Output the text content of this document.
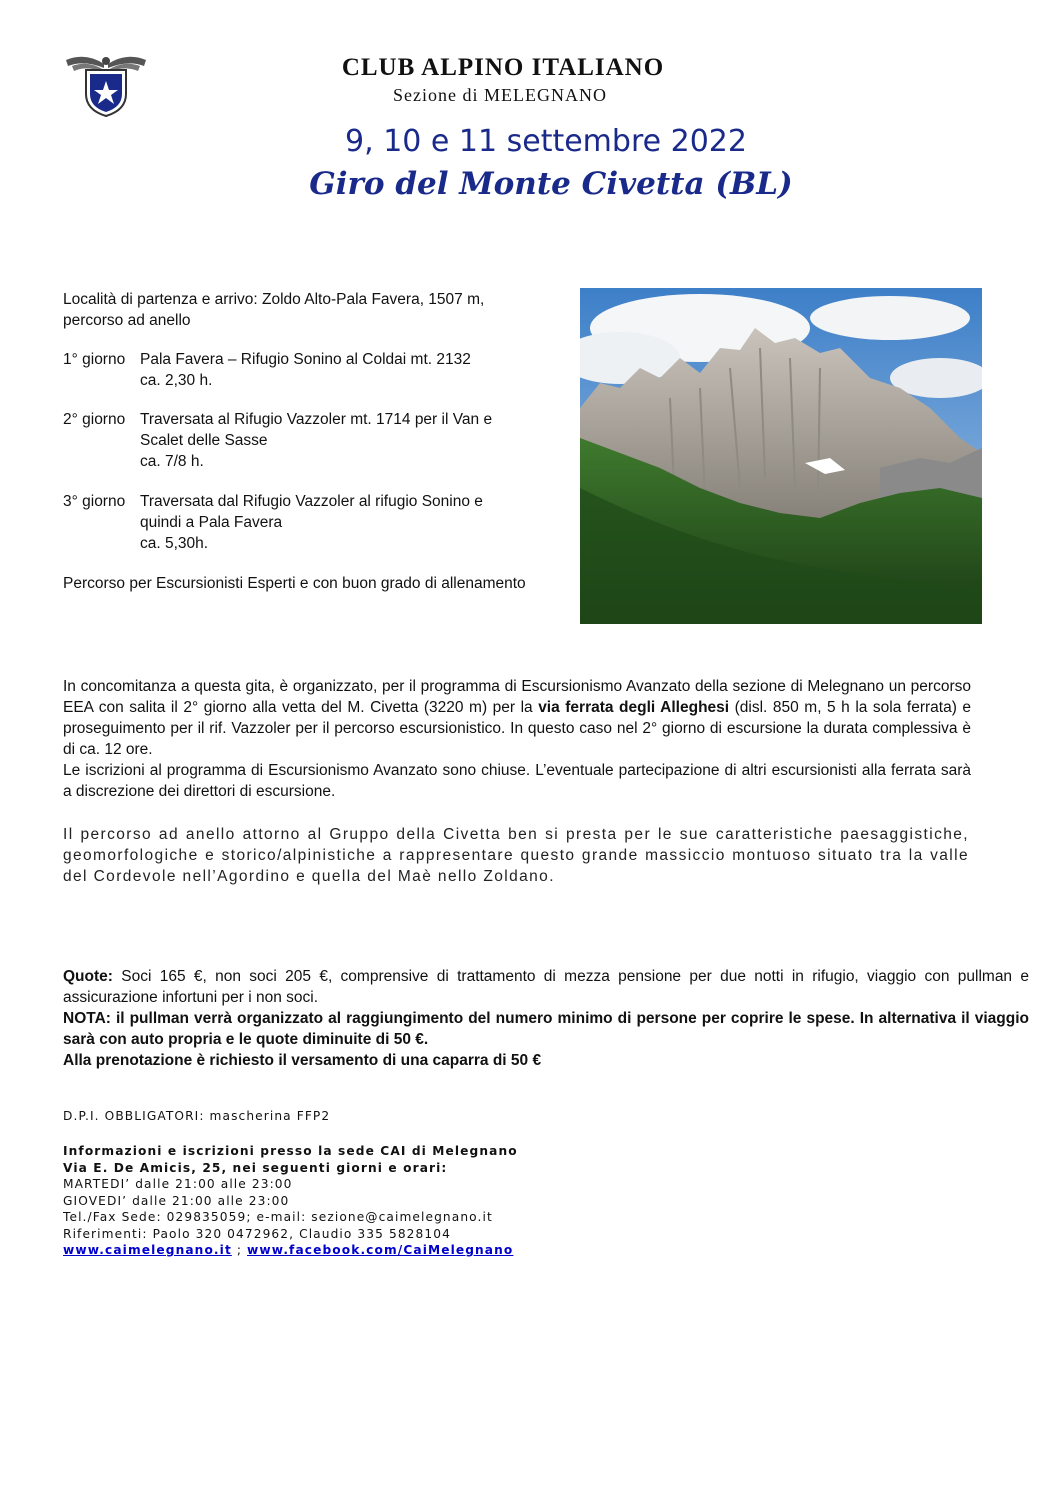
CLUB ALPINO ITALIANO
Sezione di MELEGNANO
9, 10 e 11 settembre 2022
Giro del Monte Civetta (BL)
Località di partenza e arrivo: Zoldo Alto-Pala Favera, 1507 m,
percorso ad anello
1° giorno Pala Favera – Rifugio Sonino al Coldai mt. 2132
ca. 2,30 h.
2° giorno Traversata al Rifugio Vazzoler mt. 1714 per il Van e
Scalet delle Sasse
ca. 7/8 h.
3° giorno Traversata dal Rifugio Vazzoler al rifugio Sonino e
quindi a Pala Favera
ca. 5,30h.
Percorso per Escursionisti Esperti e con buon grado di allenamento
In concomitanza a questa gita, è organizzato, per il programma di Escursionismo Avanzato della sezione di Melegnano un percorso EEA con salita il 2° giorno alla vetta del M. Civetta (3220 m) per la via ferrata degli Alleghesi (disl. 850 m, 5 h la sola ferrata) e proseguimento per il rif. Vazzoler per il percorso escursionistico. In questo caso nel 2° giorno di escursione la durata complessiva è di ca. 12 ore.
Le iscrizioni al programma di Escursionismo Avanzato sono chiuse. L’eventuale partecipazione di altri escursionisti alla ferrata sarà a discrezione dei direttori di escursione.
Il percorso ad anello attorno al Gruppo della Civetta ben si presta per le sue caratteristiche paesaggistiche, geomorfologiche e storico/alpinistiche a rappresentare questo grande massiccio montuoso situato tra la valle del Cordevole nell’Agordino e quella del Maè nello Zoldano.
Quote: Soci 165 €, non soci 205 €, comprensive di trattamento di mezza pensione per due notti in rifugio, viaggio con pullman e assicurazione infortuni per i non soci.
NOTA: il pullman verrà organizzato al raggiungimento del numero minimo di persone per coprire le spese. In alternativa il viaggio sarà con auto propria e le quote diminuite di 50 €.
Alla prenotazione è richiesto il versamento di una caparra di 50 €
D.P.I. OBBLIGATORI: mascherina FFP2
Informazioni e iscrizioni presso la sede CAI di Melegnano
Via E. De Amicis, 25, nei seguenti giorni e orari:
MARTEDI’ dalle 21:00 alle 23:00
GIOVEDI’ dalle 21:00 alle 23:00
Tel./Fax Sede: 029835059; e-mail: sezione@caimelegnano.it
Riferimenti: Paolo 320 0472962, Claudio 335 5828104
www.caimelegnano.it ; www.facebook.com/CaiMelegnano
